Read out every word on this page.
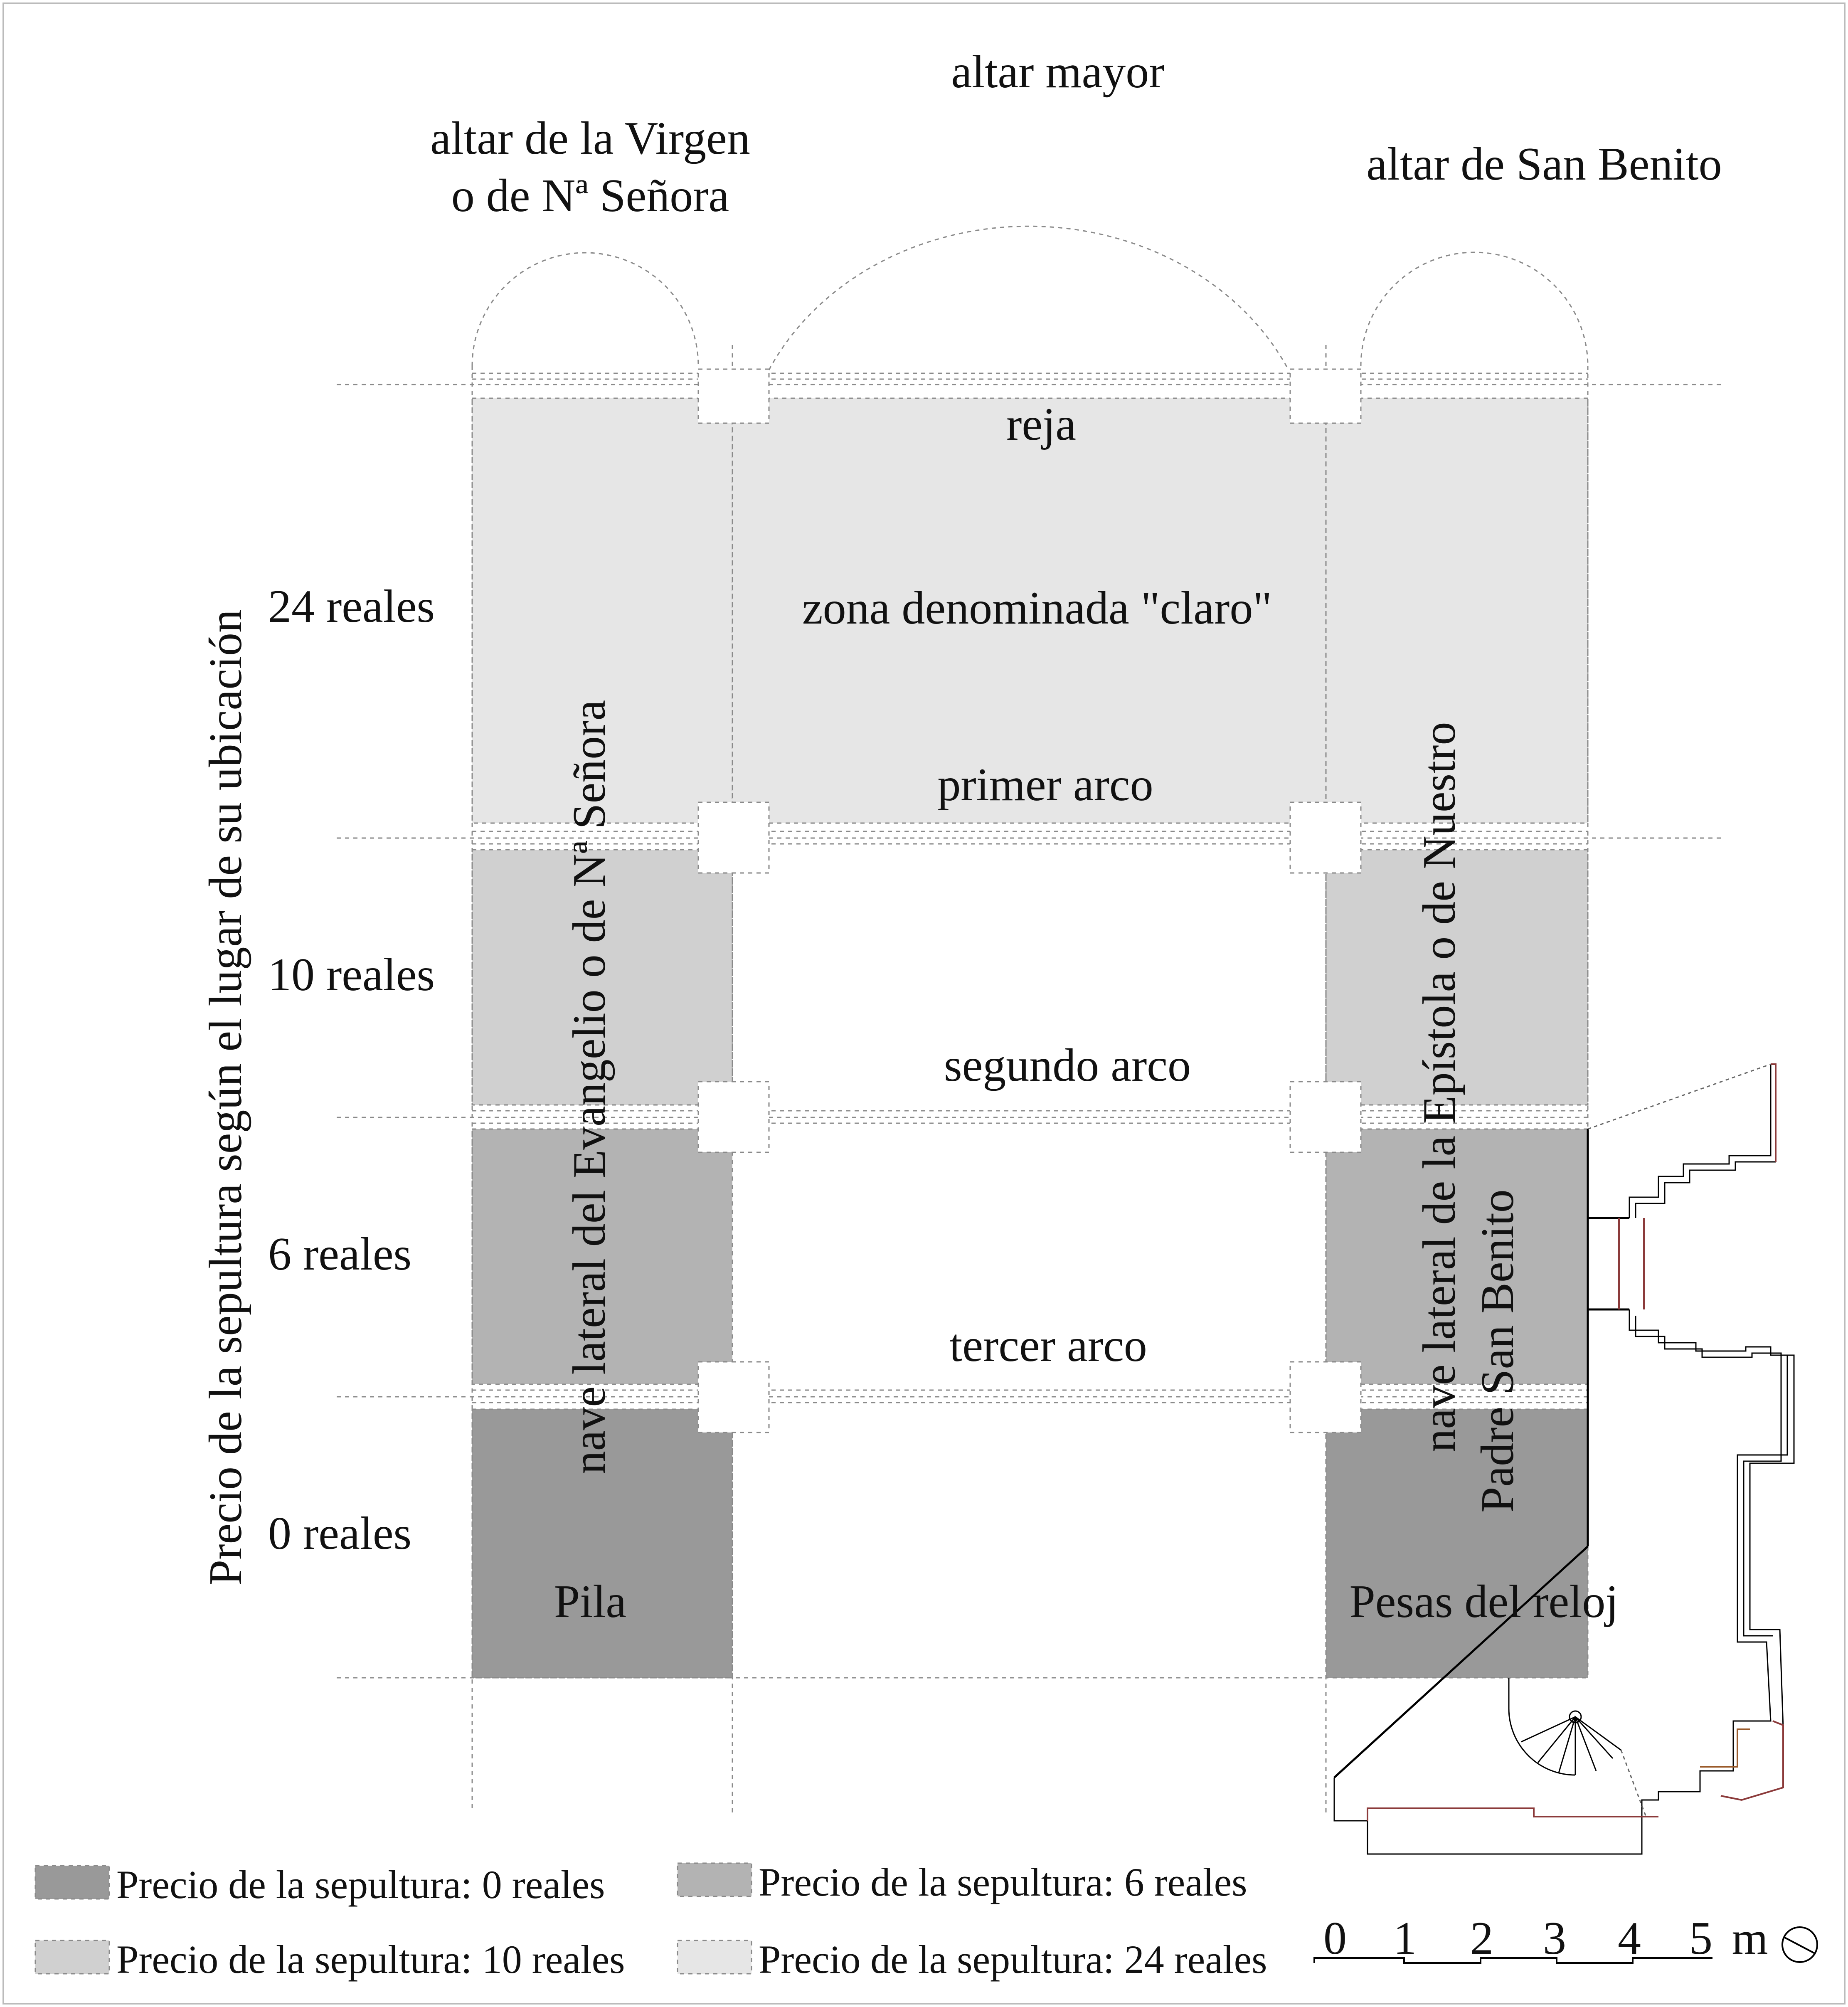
altar de la Virgen
o de Nª Señora
altar mayor
altar de San Benito
reja
zona denominada "claro"
primer arco
segundo arco
tercer arco
Pila	Pesas del reloj
nave lateral del Evangelio o de Nª Señora	nave lateral de la Epístola o de Nuestro Padre San Benito
Precio de la sepultura según el lugar de su ubicación
24 reales
10 reales
6 reales
0 reales
Precio de la sepultura: 0 reales	Precio de la sepultura: 6 reales
Precio de la sepultura: 10 reales	Precio de la sepultura: 24 reales 0 1 2 3 4 5 m
